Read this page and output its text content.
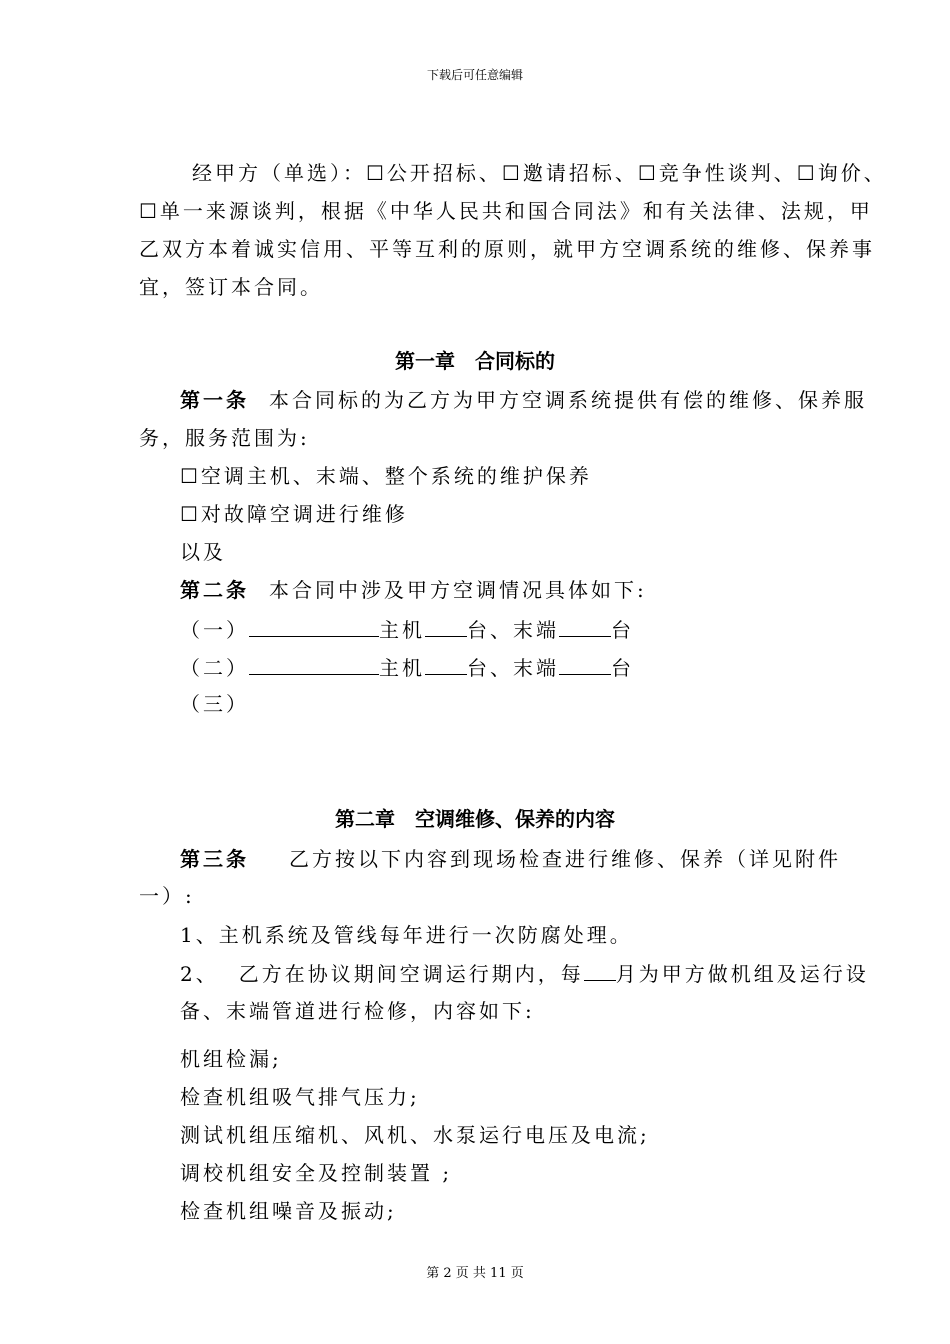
下载后可任意编辑
经甲方（单选）：☐公开招标、☐邀请招标、☐竞争性谈判、☐询价、
☐单一来源谈判，根据《中华人民共和国合同法》和有关法律、法规，甲
乙双方本着诚实信用、平等互利的原则，就甲方空调系统的维修、保养事
宜，签订本合同。
第一章 合同标的
第一条 本合同标的为乙方为甲方空调系统提供有偿的维修、保养服
务，服务范围为:
☐空调主机、末端、整个系统的维护保养
☐对故障空调进行维修
以及
第二条 本合同中涉及甲方空调情况具体如下:
（一）	主机 台、末端	台
（二）	主机 台、末端	台
（三）
第二章 空调维修、保养的内容
第三条 乙方按以下内容到现场检查进行维修、保养（详见附件
一）:
1、主机系统及管线每年进行一次防腐处理。
2、 乙方在协议期间空调运行期内，每 月为甲方做机组及运行设
备、末端管道进行检修，内容如下:
机组检漏;
检查机组吸气排气压力;
测试机组压缩机、风机、水泵运行电压及电流;
调校机组安全及控制装置 ;
检查机组噪音及振动;
第 2 页 共 11 页
